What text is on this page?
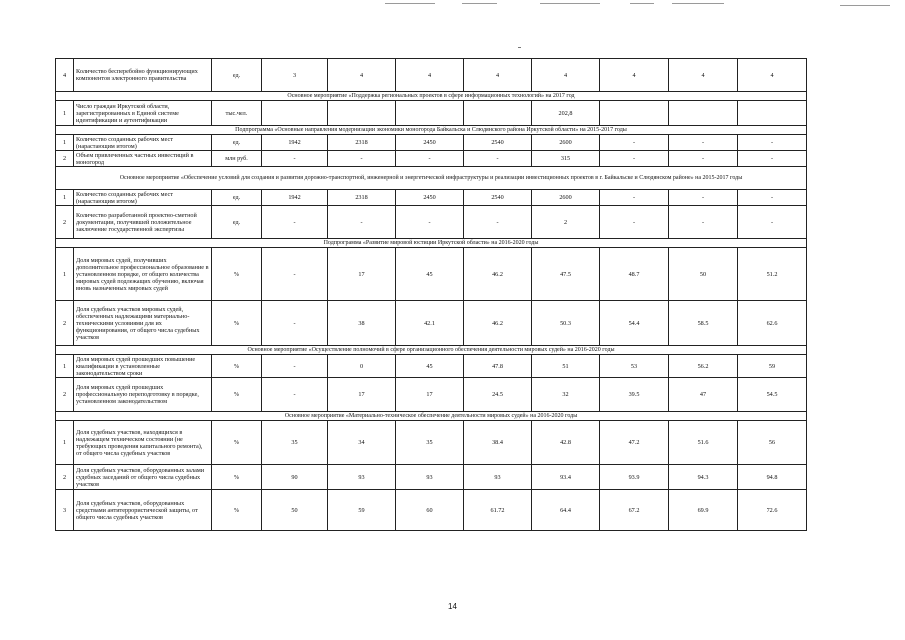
4	Количество бесперебойно функционирующих компонентов электронного правительства	ед.	3	4	4	4	4	4	4	4
Основное мероприятие «Поддержка региональных проектов в сфере информационных технологий» на 2017 год										
1	Число граждан Иркутской области, зарегистрированных в Единой системе идентификации и аутентификации	тыс.чел.					202,8			
Подпрограмма «Основные направления модернизации экономики моногорода Байкальска и Слюдянского района Иркутской области» на 2015-2017 годы										
1	Количество созданных рабочих мест (нарастающим итогом)	ед.	1942	2318	2450	2540	2600	-	-	-
2	Объем привлеченных частных инвестиций в моногород	млн руб.	-	-	-	-	315	-	-	-
Основное мероприятие «Обеспечение условий для создания и развития дорожно-транспортной, инженерной и энергетической инфраструктуры и реализации инвестиционных проектов в г. Байкальске и Слюдянском районе» на 2015-2017 годы										
1	Количество созданных рабочих мест (нарастающим итогом)	ед.	1942	2318	2450	2540	2600	-	-	-
2	Количество разработанной проектно-сметной документации, получившей положительное заключение государственной экспертизы	ед.	-	-	-	-	2	-	-	-
Подпрограмма «Развитие мировой юстиции Иркутской области» на 2016-2020 годы										
1	Доля мировых судей, получивших дополнительное профессиональное образование в установленном порядке, от общего количества мировых судей подлежащих обучению, включая вновь назначенных мировых судей	%	-	17	45	46.2	47.5	48.7	50	51.2
2	Доля судебных участков мировых судей, обеспеченных надлежащими материально-техническими условиями для их функционирования, от общего числа судебных участков	%	-	38	42.1	46.2	50.3	54.4	58.5	62.6
Основное мероприятие «Осуществление полномочий в сфере организационного обеспечения деятельности мировых судей» на 2016-2020 годы										
1	Доля мировых судей прошедших повышение квалификации в установленные законодательством сроки	%	-	0	45	47.8	51	53	56.2	59
2	Доля мировых судей прошедших профессиональную переподготовку в порядке, установленном законодательством	%	-	17	17	24.5	32	39.5	47	54.5
Основное мероприятие «Материально-техническое обеспечение деятельности мировых судей» на 2016-2020 годы										
1	Доля судебных участков, находящихся в надлежащем техническом состоянии (не требующих проведения капитального ремонта), от общего числа судебных участков	%	35	34	35	38.4	42.8	47.2	51.6	56
2	Доля судебных участков, оборудованных залами судебных заседаний от общего числа судебных участков	%	90	93	93	93	93.4	93.9	94.3	94.8
3	Доля судебных участков, оборудованных средствами антитеррористической защиты, от общего числа судебных участков	%	50	59	60	61.72	64.4	67.2	69.9	72.6
14
